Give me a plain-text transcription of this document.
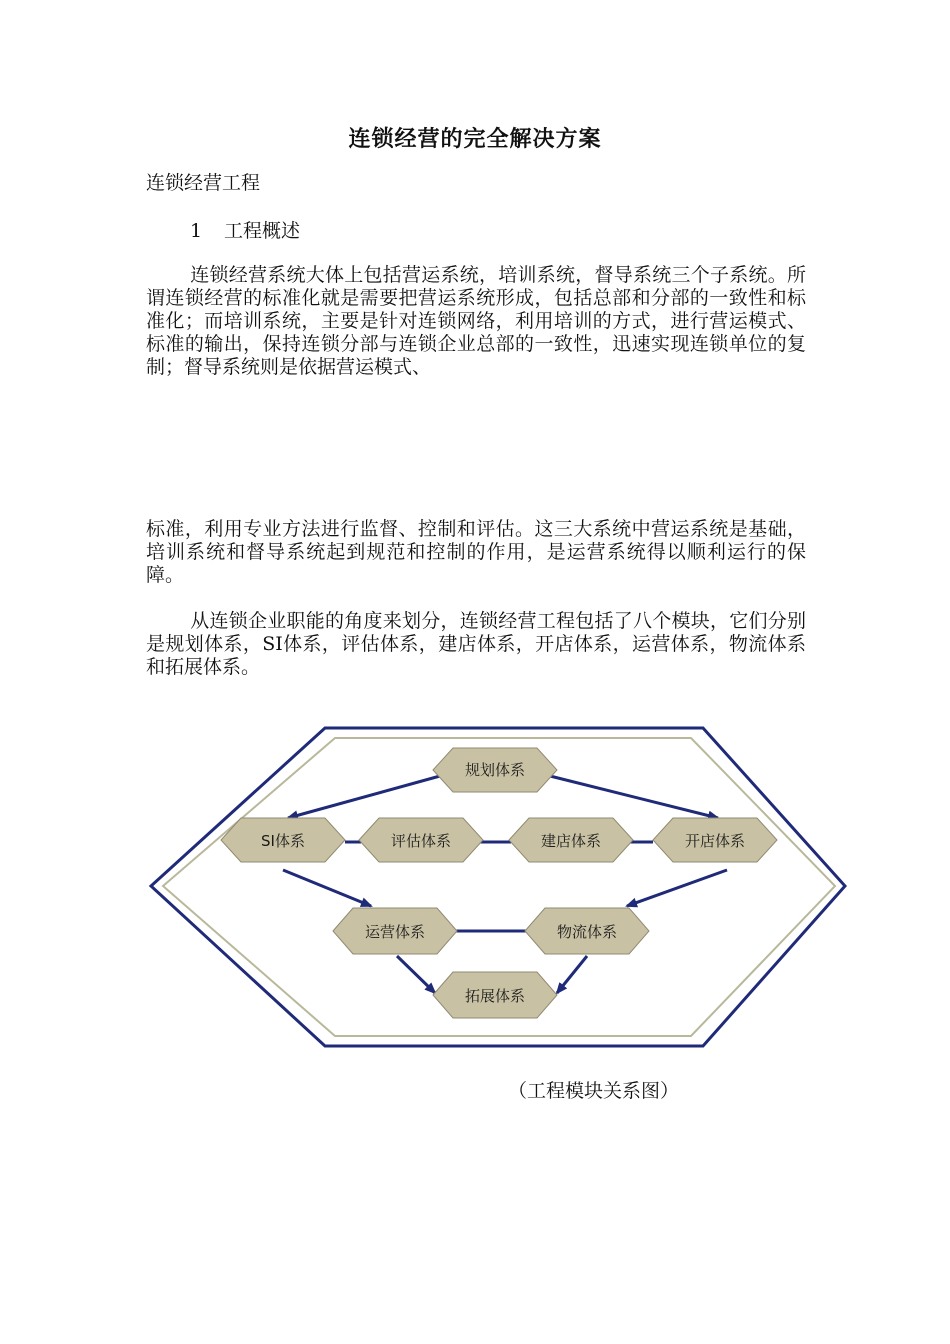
连锁经营的完全解决方案
连锁经营工程
1 工程概述
连锁经营系统大体上包括营运系统，培训系统，督导系统三个子系统。所谓连锁经营的标准化就是需要把营运系统形成，包括总部和分部的一致性和标准化；而培训系统，主要是针对连锁网络，利用培训的方式，进行营运模式、标准的输出，保持连锁分部与连锁企业总部的一致性，迅速实现连锁单位的复制；督导系统则是依据营运模式、
标准，利用专业方法进行监督、控制和评估。这三大系统中营运系统是基础，培训系统和督导系统起到规范和控制的作用，是运营系统得以顺利运行的保障。
从连锁企业职能的角度来划分，连锁经营工程包括了八个模块，它们分别是规划体系，SI体系，评估体系，建店体系，开店体系，运营体系，物流体系和拓展体系。
规划体系
SI体系	评估体系	建店体系	开店体系
运营体系	物流体系
拓展体系
（工程模块关系图）
